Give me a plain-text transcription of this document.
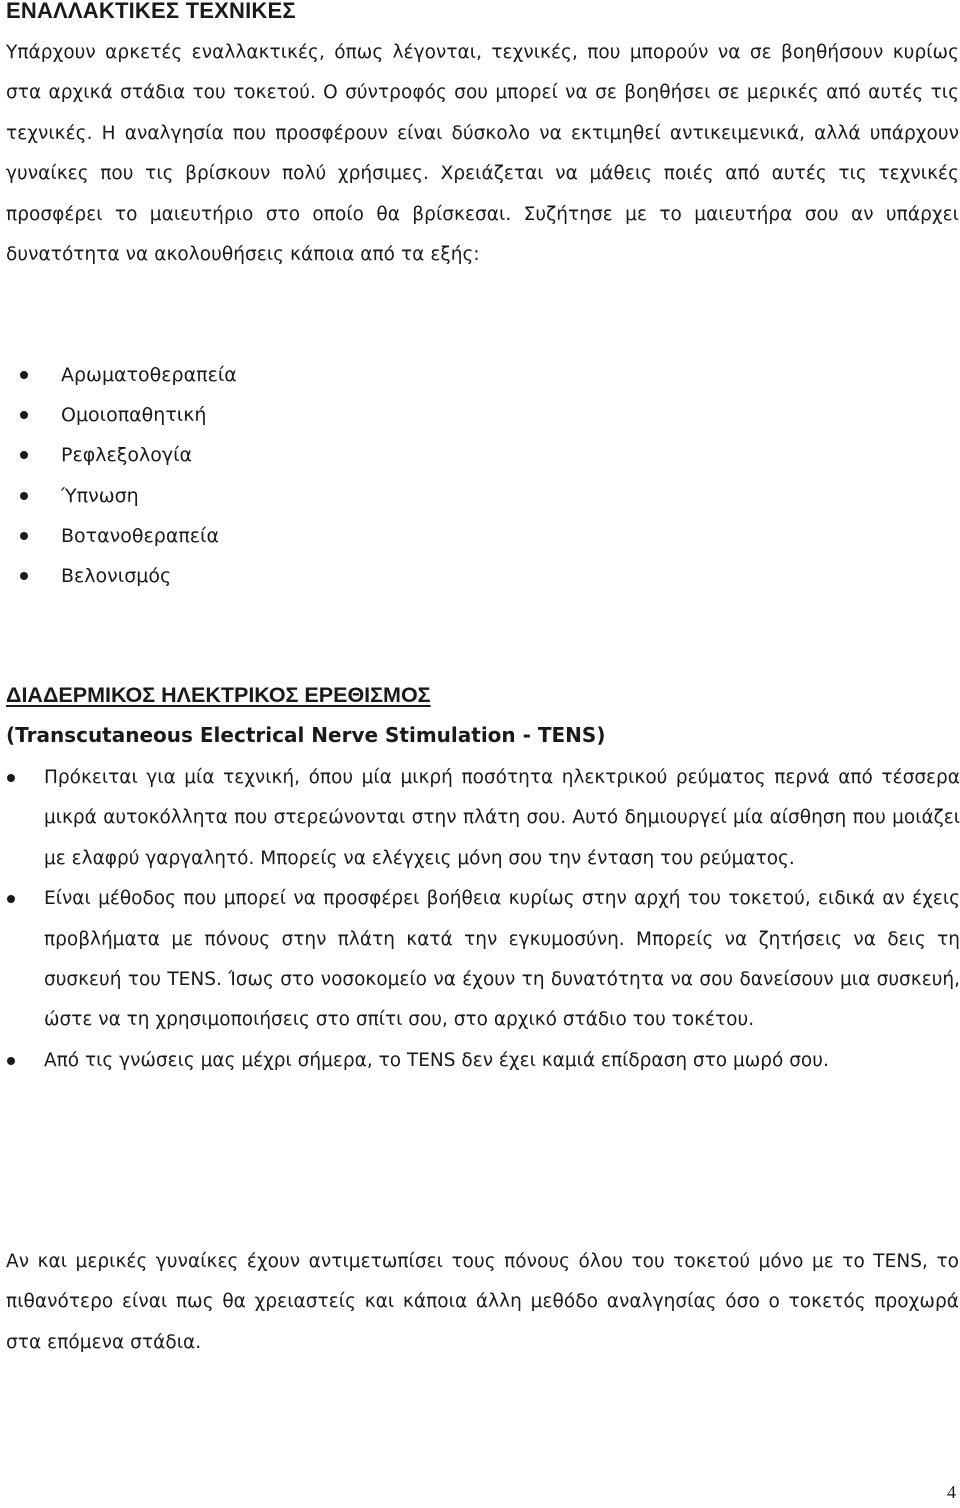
ΕΝΑΛΛΑΚΤΙΚΕΣ ΤΕΧΝΙΚΕΣ
Υπάρχουν αρκετές εναλλακτικές, όπως λέγονται, τεχνικές, που μπορούν να σε βοηθήσουν κυρίως στα αρχικά στάδια του τοκετού. Ο σύντροφός σου μπορεί να σε βοηθήσει σε μερικές από αυτές τις τεχνικές. Η αναλγησία που προσφέρουν είναι δύσκολο να εκτιμηθεί αντικειμενικά, αλλά υπάρχουν γυναίκες που τις βρίσκουν πολύ χρήσιμες. Χρειάζεται να μάθεις ποιές από αυτές τις τεχνικές προσφέρει το μαιευτήριο στο οποίο θα βρίσκεσαι. Συζήτησε με το μαιευτήρα σου αν υπάρχει δυνατότητα να ακολουθήσεις κάποια από τα εξής:
Αρωματοθεραπεία
Ομοιοπαθητική
Ρεφλεξολογία
Ύπνωση
Βοτανοθεραπεία
Βελονισμός
ΔΙΑΔΕΡΜΙΚΟΣ ΗΛΕΚΤΡΙΚΟΣ ΕΡΕΘΙΣΜΟΣ
(Transcutaneous Electrical Nerve Stimulation - TENS)
Πρόκειται για μία τεχνική, όπου μία μικρή ποσότητα ηλεκτρικού ρεύματος περνά από τέσσερα μικρά αυτοκόλλητα που στερεώνονται στην πλάτη σου. Αυτό δημιουργεί μία αίσθηση που μοιάζει με ελαφρύ γαργαλητό. Μπορείς να ελέγχεις μόνη σου την ένταση του ρεύματος.
Είναι μέθοδος που μπορεί να προσφέρει βοήθεια κυρίως στην αρχή του τοκετού, ειδικά αν έχεις προβλήματα με πόνους στην πλάτη κατά την εγκυμοσύνη. Μπορείς να ζητήσεις να δεις τη συσκευή του TENS. Ίσως στο νοσοκομείο να έχουν τη δυνατότητα να σου δανείσουν μια συσκευή, ώστε να τη χρησιμοποιήσεις στο σπίτι σου, στο αρχικό στάδιο του τοκέτου.
Από τις γνώσεις μας μέχρι σήμερα, το TENS δεν έχει καμιά επίδραση στο μωρό σου.
Αν και μερικές γυναίκες έχουν αντιμετωπίσει τους πόνους όλου του τοκετού μόνο με το TENS, το πιθανότερο είναι πως θα χρειαστείς και κάποια άλλη μεθόδο αναλγησίας όσο ο τοκετός προχωρά στα επόμενα στάδια.
4
